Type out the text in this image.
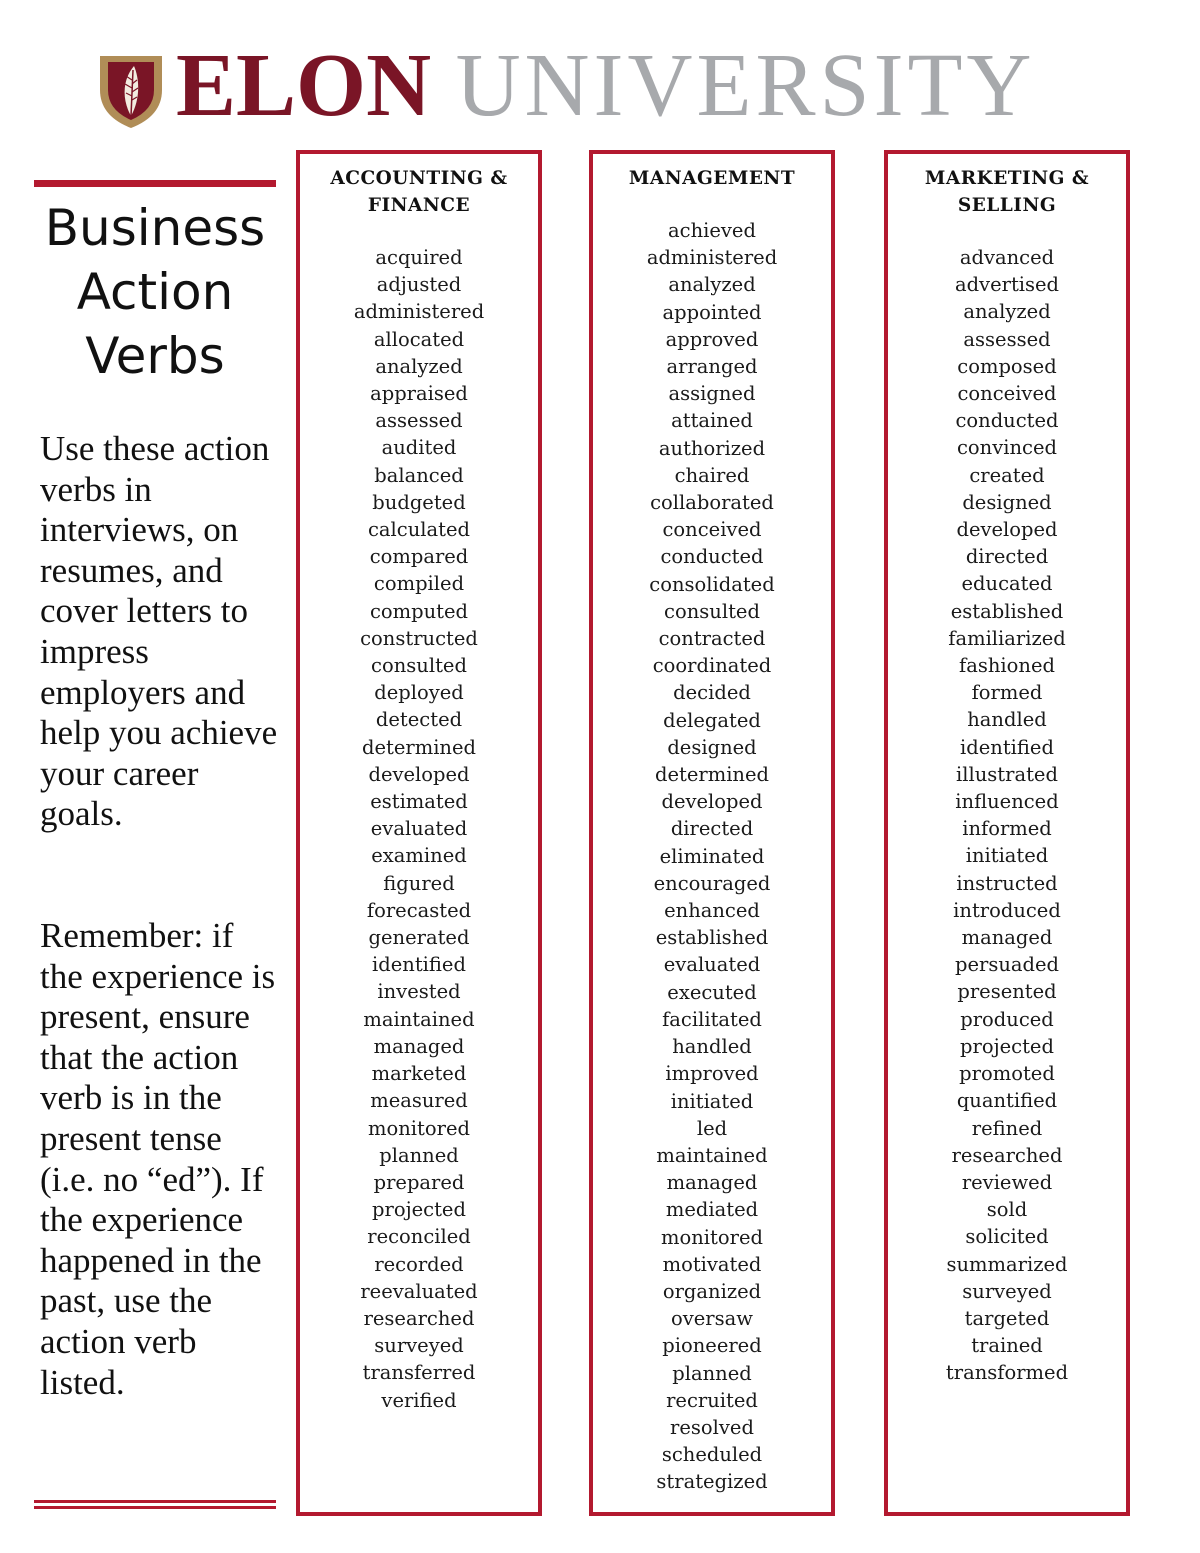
ELON UNIVERSITY
Business
Action
Verbs
Use these action verbs in interviews, on resumes, and cover letters to impress employers and help you achieve your career goals.
Remember: if the experience is present, ensure that the action verb is in the present tense (i.e. no “ed”). If the experience happened in the past, use the action verb listed.
ACCOUNTING &
FINANCE
acquired
adjusted
administered
allocated
analyzed
appraised
assessed
audited
balanced
budgeted
calculated
compared
compiled
computed
constructed
consulted
deployed
detected
determined
developed
estimated
evaluated
examined
figured
forecasted
generated
identified
invested
maintained
managed
marketed
measured
monitored
planned
prepared
projected
reconciled
recorded
reevaluated
researched
surveyed
transferred
verified
MANAGEMENT
achieved
administered
analyzed
appointed
approved
arranged
assigned
attained
authorized
chaired
collaborated
conceived
conducted
consolidated
consulted
contracted
coordinated
decided
delegated
designed
determined
developed
directed
eliminated
encouraged
enhanced
established
evaluated
executed
facilitated
handled
improved
initiated
led
maintained
managed
mediated
monitored
motivated
organized
oversaw
pioneered
planned
recruited
resolved
scheduled
strategized
MARKETING &
SELLING
advanced
advertised
analyzed
assessed
composed
conceived
conducted
convinced
created
designed
developed
directed
educated
established
familiarized
fashioned
formed
handled
identified
illustrated
influenced
informed
initiated
instructed
introduced
managed
persuaded
presented
produced
projected
promoted
quantified
refined
researched
reviewed
sold
solicited
summarized
surveyed
targeted
trained
transformed
